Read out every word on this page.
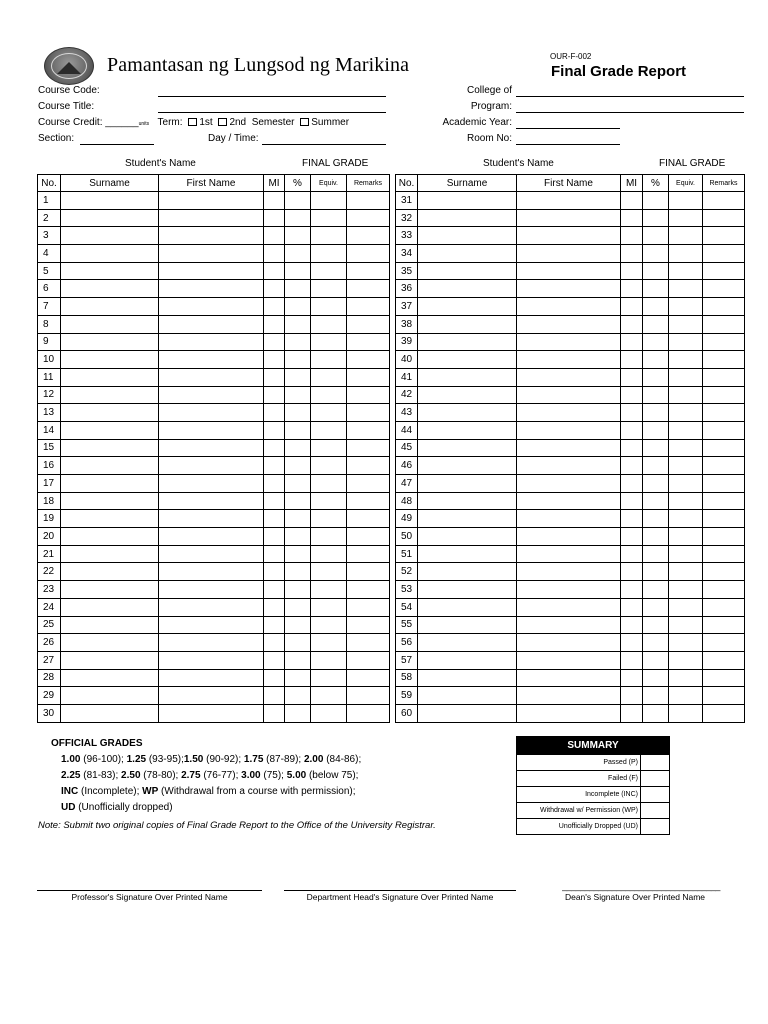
Pamantasan ng Lungsod ng Marikina	OUR-F-002
Final Grade Report
Course Code:
Course Title:
Course Credit: ______units Term: 1st 2nd Semester Summer
Section:	Day / Time:
College of
Program:
Academic Year:
Room No:
Student's Name	FINAL GRADE	Student's Name	FINAL GRADE
No.	Surname	First Name	MI	%	Equiv.	Remarks
1						
2						
3						
4						
5						
6						
7						
8						
9						
10						
11						
12						
13						
14						
15						
16						
17						
18						
19						
20						
21						
22						
23						
24						
25						
26						
27						
28						
29						
30						
No.	Surname	First Name	MI	%	Equiv.	Remarks
31						
32						
33						
34						
35						
36						
37						
38						
39						
40						
41						
42						
43						
44						
45						
46						
47						
48						
49						
50						
51						
52						
53						
54						
55						
56						
57						
58						
59						
60						
OFFICIAL GRADES
1.00 (96-100); 1.25 (93-95);1.50 (90-92); 1.75 (87-89); 2.00 (84-86);
2.25 (81-83); 2.50 (78-80); 2.75 (76-77); 3.00 (75); 5.00 (below 75);
INC (Incomplete); WP (Withdrawal from a course with permission);
UD (Unofficially dropped)
Note: Submit two original copies of Final Grade Report to the Office of the University Registrar.
SUMMARY	
Passed (P)	
Failed (F)	
Incomplete (INC)	
Withdrawal w/ Permission (WP)	
Unofficially Dropped (UD)	
Professor's Signature Over Printed Name	Department Head's Signature Over Printed Name
___________________________________
Dean's Signature Over Printed Name
